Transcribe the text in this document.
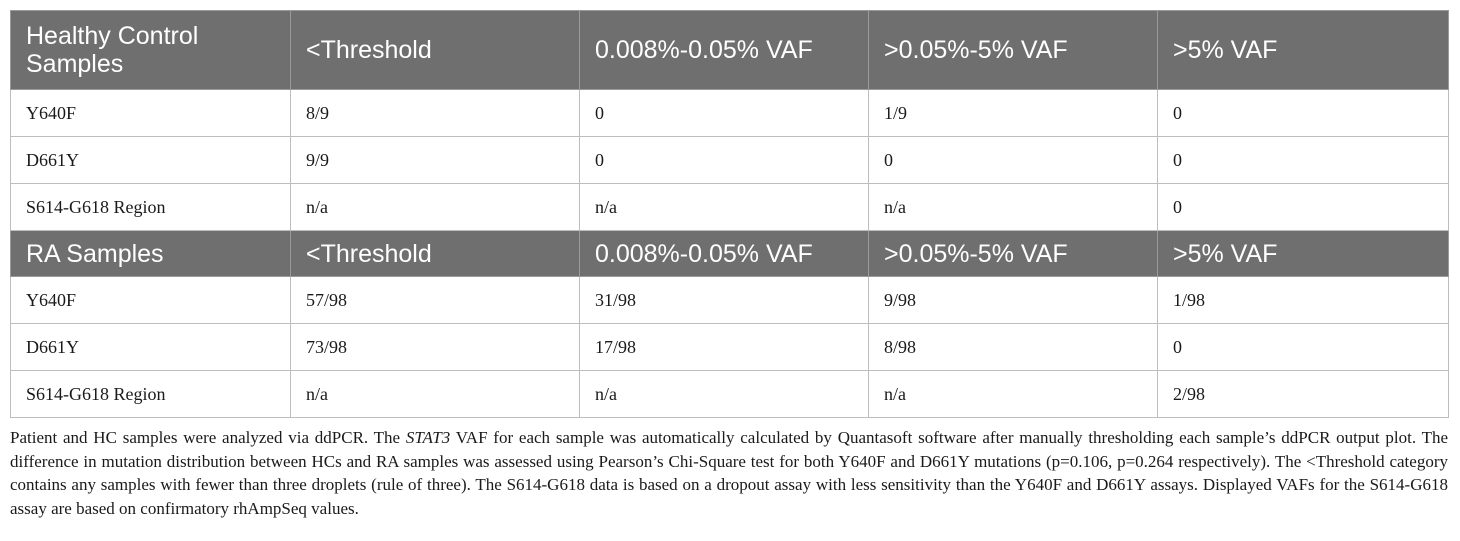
Healthy Control Samples	<Threshold	0.008%-0.05% VAF	>0.05%-5% VAF	>5% VAF
Y640F	8/9	0	1/9	0
D661Y	9/9	0	0	0
S614-G618 Region	n/a	n/a	n/a	0
RA Samples	<Threshold	0.008%-0.05% VAF	>0.05%-5% VAF	>5% VAF
Y640F	57/98	31/98	9/98	1/98
D661Y	73/98	17/98	8/98	0
S614-G618 Region	n/a	n/a	n/a	2/98

Patient and HC samples were analyzed via ddPCR. The STAT3 VAF for each sample was automatically calculated by Quantasoft software after manually thresholding each sample’s ddPCR output plot. The difference in mutation distribution between HCs and RA samples was assessed using Pearson’s Chi-Square test for both Y640F and D661Y mutations (p=0.106, p=0.264 respectively). The <Threshold category contains any samples with fewer than three droplets (rule of three). The S614-G618 data is based on a dropout assay with less sensitivity than the Y640F and D661Y assays. Displayed VAFs for the S614-G618 assay are based on confirmatory rhAmpSeq values.
